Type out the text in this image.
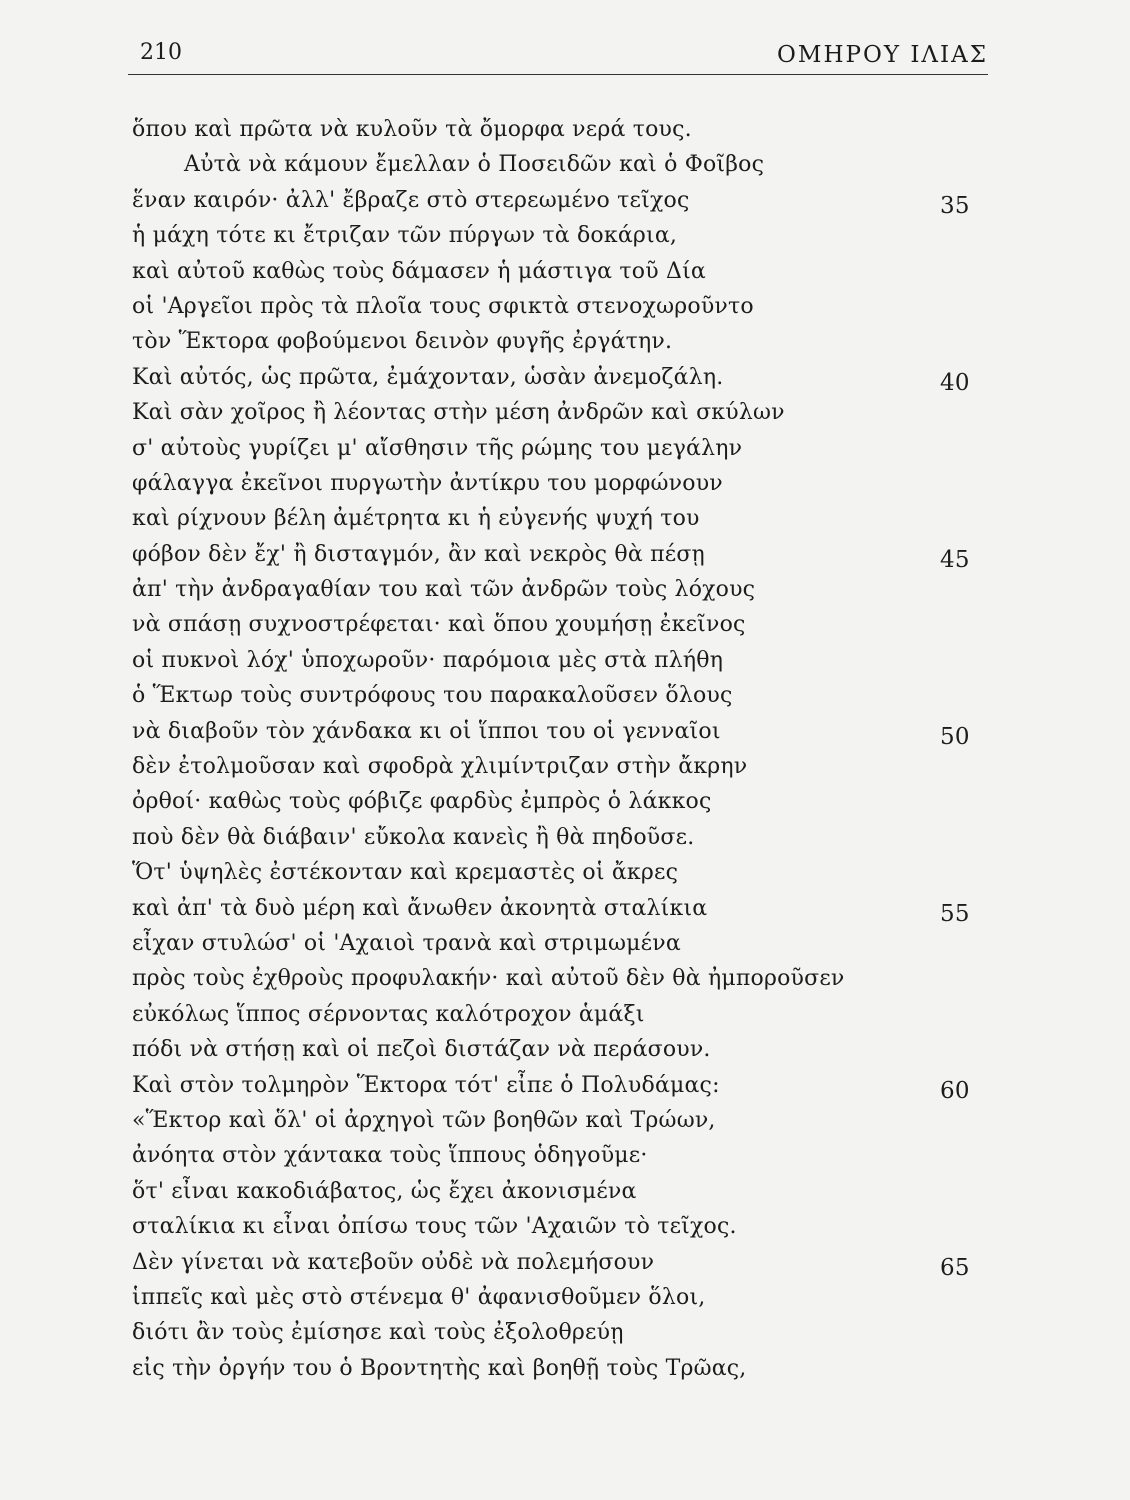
210	ΟΜΗΡΟΥ ΙΛΙΑΣ
ὅπου καὶ πρῶτα νὰ κυλοῦν τὰ ὄμορφα νερά τους.
Αὐτὰ νὰ κάμουν ἔμελλαν ὁ Ποσειδῶν καὶ ὁ Φοῖβος
ἕναν καιρόν· ἀλλ' ἔβραζε στὸ στερεωμένο τεῖχος	35
ἡ μάχη τότε κι ἔτριζαν τῶν πύργων τὰ δοκάρια,
καὶ αὐτοῦ καθὼς τοὺς δάμασεν ἡ μάστιγα τοῦ Δία
οἱ 'Αργεῖοι πρὸς τὰ πλοῖα τους σφικτὰ στενοχωροῦντο
τὸν Ἕκτορα φοβούμενοι δεινὸν φυγῆς ἐργάτην.
Καὶ αὐτός, ὡς πρῶτα, ἐμάχονταν, ὡσὰν ἀνεμοζάλη.	40
Καὶ σὰν χοῖρος ἢ λέοντας στὴν μέση ἀνδρῶν καὶ σκύλων
σ' αὐτοὺς γυρίζει μ' αἴσθησιν τῆς ρώμης του μεγάλην
φάλαγγα ἐκεῖνοι πυργωτὴν ἀντίκρυ του μορφώνουν
καὶ ρίχνουν βέλη ἀμέτρητα κι ἡ εὐγενής ψυχή του
φόβον δὲν ἔχ' ἢ δισταγμόν, ἂν καὶ νεκρὸς θὰ πέσῃ	45
ἀπ' τὴν ἀνδραγαθίαν του καὶ τῶν ἀνδρῶν τοὺς λόχους
νὰ σπάσῃ συχνοστρέφεται· καὶ ὅπου χουμήσῃ ἐκεῖνος
οἱ πυκνοὶ λόχ' ὑποχωροῦν· παρόμοια μὲς στὰ πλήθη
ὁ Ἕκτωρ τοὺς συντρόφους του παρακαλοῦσεν ὅλους
νὰ διαβοῦν τὸν χάνδακα κι οἱ ἵπποι του οἱ γενναῖοι	50
δὲν ἐτολμοῦσαν καὶ σφοδρὰ χλιμίντριζαν στὴν ἄκρην
ὀρθοί· καθὼς τοὺς φόβιζε φαρδὺς ἐμπρὸς ὁ λάκκος
ποὺ δὲν θὰ διάβαιν' εὔκολα κανεὶς ἢ θὰ πηδοῦσε.
Ὅτ' ὑψηλὲς ἐστέκονταν καὶ κρεμαστὲς οἱ ἄκρες
καὶ ἀπ' τὰ δυὸ μέρη καὶ ἄνωθεν ἀκονητὰ σταλίκια	55
εἶχαν στυλώσ' οἱ 'Αχαιοὶ τρανὰ καὶ στριμωμένα
πρὸς τοὺς ἐχθροὺς προφυλακήν· καὶ αὐτοῦ δὲν θὰ ἠμποροῦσεν
εὐκόλως ἵππος σέρνοντας καλότροχον ἁμάξι
πόδι νὰ στήσῃ καὶ οἱ πεζοὶ διστάζαν νὰ περάσουν.
Καὶ στὸν τολμηρὸν Ἕκτορα τότ' εἶπε ὁ Πολυδάμας:	60
«Ἕκτορ καὶ ὅλ' οἱ ἀρχηγοὶ τῶν βοηθῶν καὶ Τρώων,
ἀνόητα στὸν χάντακα τοὺς ἵππους ὁδηγοῦμε·
ὅτ' εἶναι κακοδιάβατος, ὡς ἔχει ἀκονισμένα
σταλίκια κι εἶναι ὀπίσω τους τῶν 'Αχαιῶν τὸ τεῖχος.
Δὲν γίνεται νὰ κατεβοῦν οὐδὲ νὰ πολεμήσουν	65
ἱππεῖς καὶ μὲς στὸ στένεμα θ' ἀφανισθοῦμεν ὅλοι,
διότι ἂν τοὺς ἐμίσησε καὶ τοὺς ἐξολοθρεύῃ
εἰς τὴν ὀργήν του ὁ Βροντητὴς καὶ βοηθῇ τοὺς Τρῶας,
